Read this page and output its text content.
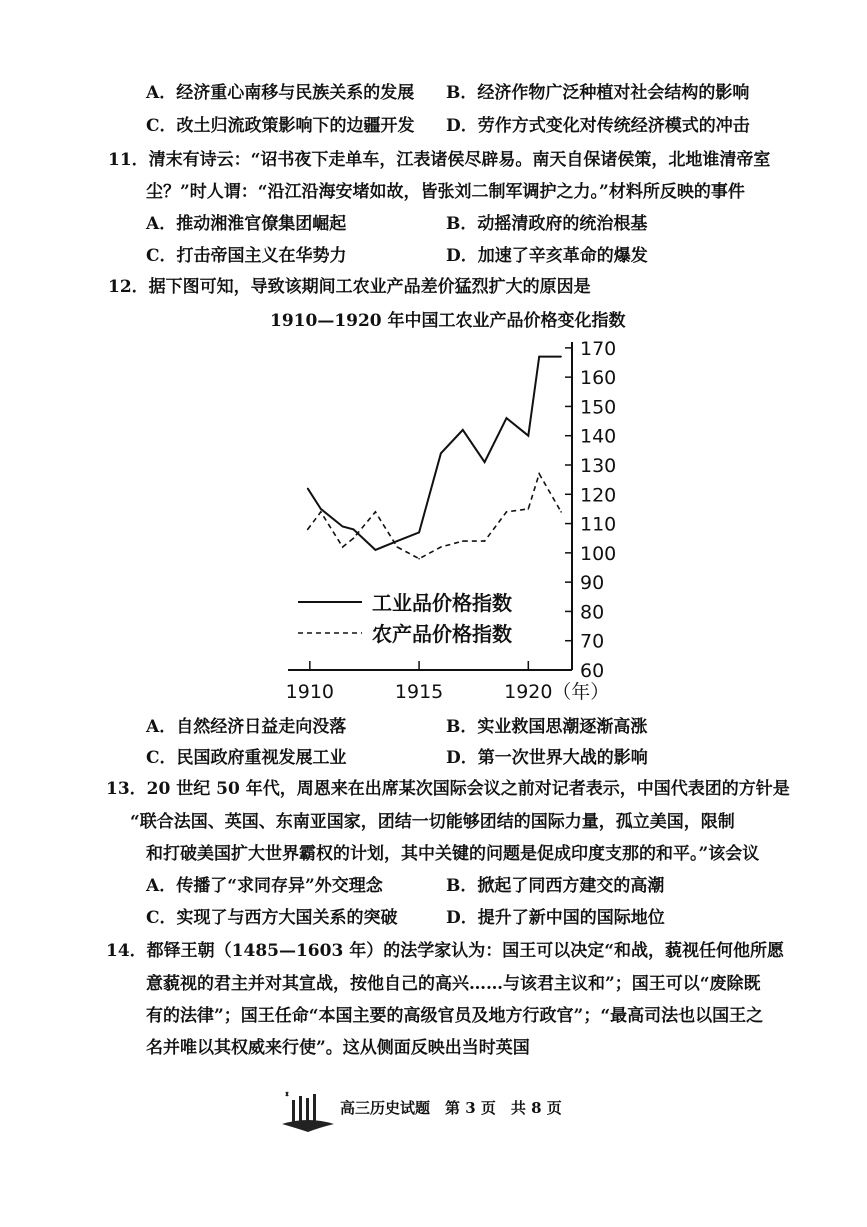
A．经济重心南移与民族关系的发展 B．经济作物广泛种植对社会结构的影响
C．改土归流政策影响下的边疆开发 D．劳作方式变化对传统经济模式的冲击
11．清末有诗云：“诏书夜下走单车，江表诸侯尽辟易。南天自保诸侯策，北地谁清帝室
尘？”时人谓：“沿江沿海安堵如故，皆张刘二制军调护之力。”材料所反映的事件
A．推动湘淮官僚集团崛起	B．动摇清政府的统治根基
C．打击帝国主义在华势力	D．加速了辛亥革命的爆发
12．据下图可知，导致该期间工农业产品差价猛烈扩大的原因是
1910—1920 年中国工农业产品价格变化指数
60
70
80
90
100
110
120
130
140
150
160
170
1910	1915	1920 （年）
工业品价格指数
农产品价格指数
A．自然经济日益走向没落	B．实业救国思潮逐渐高涨
C．民国政府重视发展工业	D．第一次世界大战的影响
13．20 世纪 50 年代，周恩来在出席某次国际会议之前对记者表示，中国代表团的方针是
“联合法国、英国、东南亚国家，团结一切能够团结的国际力量，孤立美国，限制
和打破美国扩大世界霸权的计划，其中关键的问题是促成印度支那的和平。”该会议
A．传播了“求同存异”外交理念	B．掀起了同西方建交的高潮
C．实现了与西方大国关系的突破	D．提升了新中国的国际地位
14．都铎王朝（1485—1603 年）的法学家认为：国王可以决定“和战，藐视任何他所愿
意藐视的君主并对其宣战，按他自己的高兴……与该君主议和”；国王可以“废除既
有的法律”；国王任命“本国主要的高级官员及地方行政官”；“最高司法也以国王之
名并唯以其权威来行使”。这从侧面反映出当时英国
高三历史试题　第 3 页　共 8 页
